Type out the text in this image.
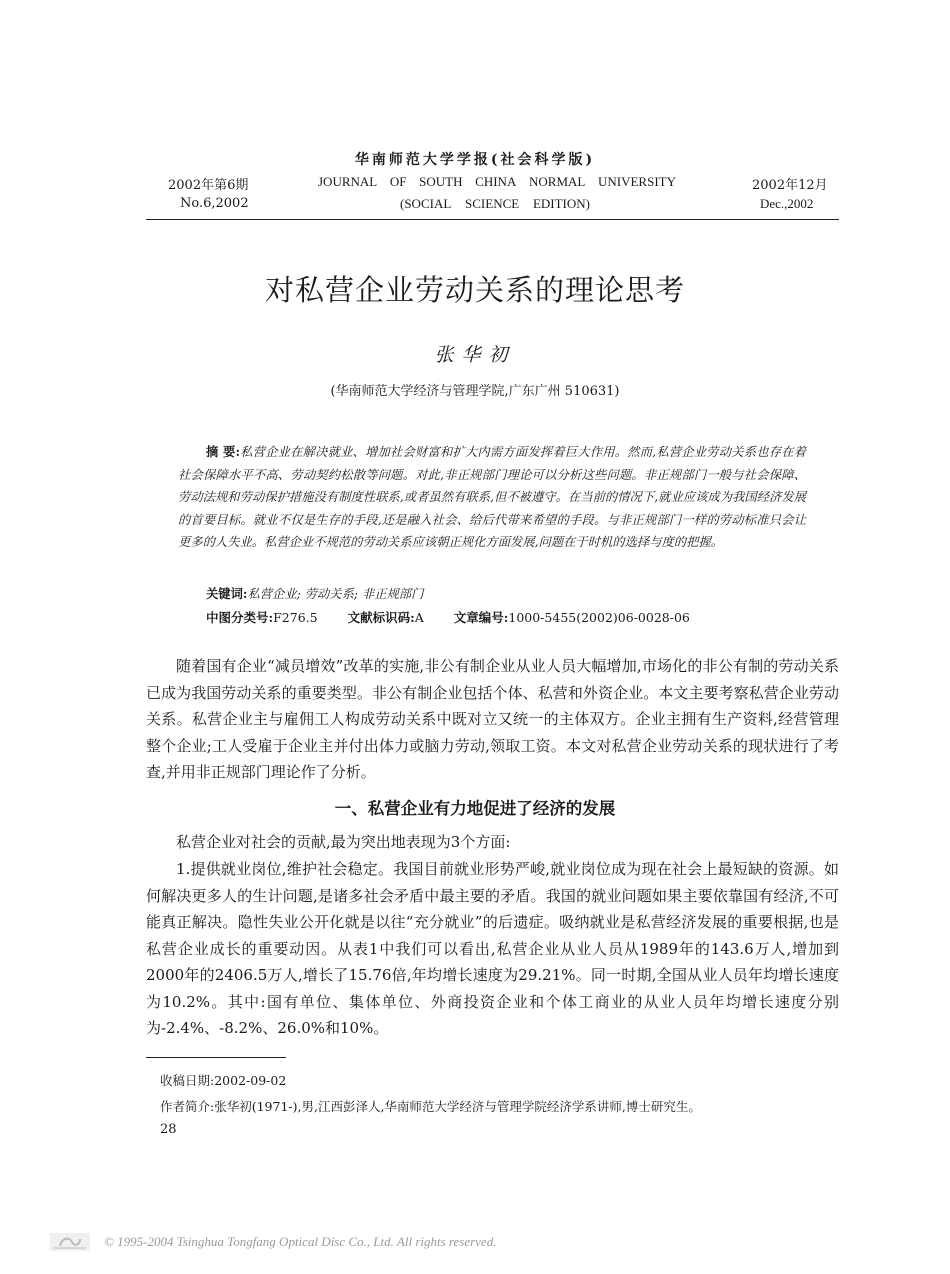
华南师范大学学报(社会科学版)
2002年第6期
No.6,2002
JOURNAL OF SOUTH CHINA NORMAL UNIVERSITY
(SOCIAL SCIENCE EDITION)
2002年12月
Dec.,2002
对私营企业劳动关系的理论思考
张华初
(华南师范大学经济与管理学院,广东广州 510631)
摘 要:私营企业在解决就业、增加社会财富和扩大内需方面发挥着巨大作用。然而,私营企业劳动关系也存在着社会保障水平不高、劳动契约松散等问题。对此,非正规部门理论可以分析这些问题。非正规部门一般与社会保障、劳动法规和劳动保护措施没有制度性联系,或者虽然有联系,但不被遵守。在当前的情况下,就业应该成为我国经济发展的首要目标。就业不仅是生存的手段,还是融入社会、给后代带来希望的手段。与非正规部门一样的劳动标准只会让更多的人失业。私营企业不规范的劳动关系应该朝正规化方面发展,问题在于时机的选择与度的把握。
关键词:私营企业; 劳动关系; 非正规部门
中图分类号:F276.5 文献标识码:A 文章编号:1000-5455(2002)06-0028-06
随着国有企业“减员增效”改革的实施,非公有制企业从业人员大幅增加,市场化的非公有制的劳动关系已成为我国劳动关系的重要类型。非公有制企业包括个体、私营和外资企业。本文主要考察私营企业劳动关系。私营企业主与雇佣工人构成劳动关系中既对立又统一的主体双方。企业主拥有生产资料,经营管理整个企业;工人受雇于企业主并付出体力或脑力劳动,领取工资。本文对私营企业劳动关系的现状进行了考查,并用非正规部门理论作了分析。
一、私营企业有力地促进了经济的发展
私营企业对社会的贡献,最为突出地表现为3个方面:
1.提供就业岗位,维护社会稳定。我国目前就业形势严峻,就业岗位成为现在社会上最短缺的资源。如何解决更多人的生计问题,是诸多社会矛盾中最主要的矛盾。我国的就业问题如果主要依靠国有经济,不可能真正解决。隐性失业公开化就是以往“充分就业”的后遗症。吸纳就业是私营经济发展的重要根据,也是私营企业成长的重要动因。从表1中我们可以看出,私营企业从业人员从1989年的143.6万人,增加到2000年的2406.5万人,增长了15.76倍,年均增长速度为29.21%。同一时期,全国从业人员年均增长速度为10.2%。其中:国有单位、集体单位、外商投资企业和个体工商业的从业人员年均增长速度分别为-2.4%、-8.2%、26.0%和10%。
收稿日期:2002-09-02
作者简介:张华初(1971-),男,江西彭泽人,华南师范大学经济与管理学院经济学系讲师,博士研究生。
28
© 1995-2004 Tsinghua Tongfang Optical Disc Co., Ltd. All rights reserved.
